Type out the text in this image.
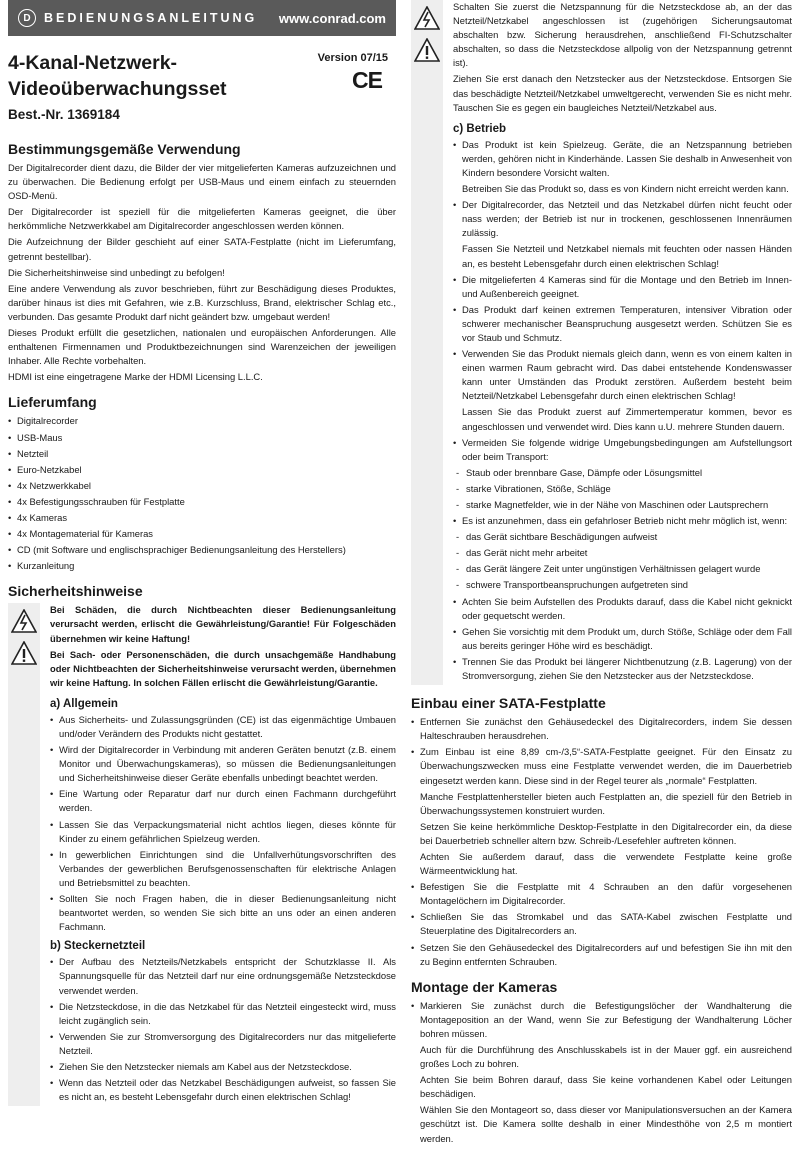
D	BEDIENUNGSANLEITUNG www.conrad.com
4-Kanal-Netzwerk-Videoüberwachungsset
Version 07/15
CE
Best.-Nr. 1369184
Bestimmungsgemäße Verwendung

Der Digitalrecorder dient dazu, die Bilder der vier mitgelieferten Kameras aufzuzeichnen und zu überwachen. Die Bedienung erfolgt per USB-Maus und einem einfach zu steuernden OSD-Menü.

Der Digitalrecorder ist speziell für die mitgelieferten Kameras geeignet, die über herkömmliche Netzwerkkabel am Digitalrecorder angeschlossen werden können.

Die Aufzeichnung der Bilder geschieht auf einer SATA-Festplatte (nicht im Lieferumfang, getrennt bestellbar).

Die Sicherheitshinweise sind unbedingt zu befolgen!

Eine andere Verwendung als zuvor beschrieben, führt zur Beschädigung dieses Produktes, darüber hinaus ist dies mit Gefahren, wie z.B. Kurzschluss, Brand, elektrischer Schlag etc., verbunden. Das gesamte Produkt darf nicht geändert bzw. umgebaut werden!

Dieses Produkt erfüllt die gesetzlichen, nationalen und europäischen Anforderungen. Alle enthaltenen Firmennamen und Produktbezeichnungen sind Warenzeichen der jeweiligen Inhaber. Alle Rechte vorbehalten.

HDMI ist eine eingetragene Marke der HDMI Licensing L.L.C.

Lieferumfang
• Digitalrecorder
• USB-Maus
• Netzteil
• Euro-Netzkabel
• 4x Netzwerkkabel
• 4x Befestigungsschrauben für Festplatte
• 4x Kameras
• 4x Montagematerial für Kameras
• CD (mit Software und englischsprachiger Bedienungsanleitung des Herstellers)
• Kurzanleitung
Sicherheitshinweise

Bei Schäden, die durch Nichtbeachten dieser Bedienungsanleitung verursacht werden, erlischt die Gewährleistung/Garantie! Für Folgeschäden übernehmen wir keine Haftung!

Bei Sach- oder Personenschäden, die durch unsachgemäße Handhabung oder Nichtbeachten der Sicherheitshinweise verursacht werden, übernehmen wir keine Haftung. In solchen Fällen erlischt die Gewährleistung/Garantie.

a) Allgemein
• Aus Sicherheits- und Zulassungsgründen (CE) ist das eigenmächtige Umbauen und/oder Verändern des Produkts nicht gestattet.
• Wird der Digitalrecorder in Verbindung mit anderen Geräten benutzt (z.B. einem Monitor und Überwachungskameras), so müssen die Bedienungsanleitungen und Sicherheitshinweise dieser Geräte ebenfalls unbedingt beachtet werden.
• Eine Wartung oder Reparatur darf nur durch einen Fachmann durchgeführt werden.
• Lassen Sie das Verpackungsmaterial nicht achtlos liegen, dieses könnte für Kinder zu einem gefährlichen Spielzeug werden.
• In gewerblichen Einrichtungen sind die Unfallverhütungsvorschriften des Verbandes der gewerblichen Berufsgenossenschaften für elektrische Anlagen und Betriebsmittel zu beachten.
• Sollten Sie noch Fragen haben, die in dieser Bedienungsanleitung nicht beantwortet werden, so wenden Sie sich bitte an uns oder an einen anderen Fachmann.
b) Steckernetzteil
• Der Aufbau des Netzteils/Netzkabels entspricht der Schutzklasse II. Als Spannungsquelle für das Netzteil darf nur eine ordnungsgemäße Netzsteckdose verwendet werden.
• Die Netzsteckdose, in die das Netzkabel für das Netzteil eingesteckt wird, muss leicht zugänglich sein.
• Verwenden Sie zur Stromversorgung des Digitalrecorders nur das mitgelieferte Netzteil.
• Ziehen Sie den Netzstecker niemals am Kabel aus der Netzsteckdose.
• Wenn das Netzteil oder das Netzkabel Beschädigungen aufweist, so fassen Sie es nicht an, es besteht Lebensgefahr durch einen elektrischen Schlag!

Schalten Sie zuerst die Netzspannung für die Netzsteckdose ab, an der das Netzteil/Netzkabel angeschlossen ist (zugehörigen Sicherungsautomat abschalten bzw. Sicherung herausdrehen, anschließend FI-Schutzschalter abschalten, so dass die Netzsteckdose allpolig von der Netzspannung getrennt ist).

Ziehen Sie erst danach den Netzstecker aus der Netzsteckdose. Entsorgen Sie das beschädigte Netzteil/Netzkabel umweltgerecht, verwenden Sie es nicht mehr. Tauschen Sie es gegen ein baugleiches Netzteil/Netzkabel aus.

c) Betrieb
• Das Produkt ist kein Spielzeug. Geräte, die an Netzspannung betrieben werden, gehören nicht in Kinderhände. Lassen Sie deshalb in Anwesenheit von Kindern besondere Vorsicht walten.
Betreiben Sie das Produkt so, dass es von Kindern nicht erreicht werden kann.
• Der Digitalrecorder, das Netzteil und das Netzkabel dürfen nicht feucht oder nass werden; der Betrieb ist nur in trockenen, geschlossenen Innenräumen zulässig.
Fassen Sie Netzteil und Netzkabel niemals mit feuchten oder nassen Händen an, es besteht Lebensgefahr durch einen elektrischen Schlag!
• Die mitgelieferten 4 Kameras sind für die Montage und den Betrieb im Innen- und Außenbereich geeignet.
• Das Produkt darf keinen extremen Temperaturen, intensiver Vibration oder schwerer mechanischer Beanspruchung ausgesetzt werden. Schützen Sie es vor Staub und Schmutz.
• Verwenden Sie das Produkt niemals gleich dann, wenn es von einem kalten in einen warmen Raum gebracht wird. Das dabei entstehende Kondenswasser kann unter Umständen das Produkt zerstören. Außerdem besteht beim Netzteil/Netzkabel Lebensgefahr durch einen elektrischen Schlag!
Lassen Sie das Produkt zuerst auf Zimmertemperatur kommen, bevor es angeschlossen und verwendet wird. Dies kann u.U. mehrere Stunden dauern.
• Vermeiden Sie folgende widrige Umgebungsbedingungen am Aufstellungsort oder beim Transport:
- Staub oder brennbare Gase, Dämpfe oder Lösungsmittel
- starke Vibrationen, Stöße, Schläge
- starke Magnetfelder, wie in der Nähe von Maschinen oder Lautsprechern
• Es ist anzunehmen, dass ein gefahrloser Betrieb nicht mehr möglich ist, wenn:
- das Gerät sichtbare Beschädigungen aufweist
- das Gerät nicht mehr arbeitet
- das Gerät längere Zeit unter ungünstigen Verhältnissen gelagert wurde
- schwere Transportbeanspruchungen aufgetreten sind
• Achten Sie beim Aufstellen des Produkts darauf, dass die Kabel nicht geknickt oder gequetscht werden.
• Gehen Sie vorsichtig mit dem Produkt um, durch Stöße, Schläge oder dem Fall aus bereits geringer Höhe wird es beschädigt.
• Trennen Sie das Produkt bei längerer Nichtbenutzung (z.B. Lagerung) von der Stromversorgung, ziehen Sie den Netzstecker aus der Netzsteckdose.
Einbau einer SATA-Festplatte
• Entfernen Sie zunächst den Gehäusedeckel des Digitalrecorders, indem Sie dessen Halteschrauben herausdrehen.
• Zum Einbau ist eine 8,89 cm-/3,5“-SATA-Festplatte geeignet. Für den Einsatz zu Überwachungszwecken muss eine Festplatte verwendet werden, die im Dauerbetrieb eingesetzt werden kann. Diese sind in der Regel teurer als „normale“ Festplatten.
Manche Festplattenhersteller bieten auch Festplatten an, die speziell für den Betrieb in Überwachungssystemen konstruiert wurden.
Setzen Sie keine herkömmliche Desktop-Festplatte in den Digitalrecorder ein, da diese bei Dauerbetrieb schneller altern bzw. Schreib-/Lesefehler auftreten können.
Achten Sie außerdem darauf, dass die verwendete Festplatte keine große Wärmeentwicklung hat.
• Befestigen Sie die Festplatte mit 4 Schrauben an den dafür vorgesehenen Montagelöchern im Digitalrecorder.
• Schließen Sie das Stromkabel und das SATA-Kabel zwischen Festplatte und Steuerplatine des Digitalrecorders an.
• Setzen Sie den Gehäusedeckel des Digitalrecorders auf und befestigen Sie ihn mit den zu Beginn entfernten Schrauben.
Montage der Kameras
• Markieren Sie zunächst durch die Befestigungslöcher der Wandhalterung die Montageposition an der Wand, wenn Sie zur Befestigung der Wandhalterung Löcher bohren müssen.
Auch für die Durchführung des Anschlusskabels ist in der Mauer ggf. ein ausreichend großes Loch zu bohren.
Achten Sie beim Bohren darauf, dass Sie keine vorhandenen Kabel oder Leitungen beschädigen.
Wählen Sie den Montageort so, dass dieser vor Manipulationsversuchen an der Kamera geschützt ist. Die Kamera sollte deshalb in einer Mindesthöhe von 2,5 m montiert werden.
